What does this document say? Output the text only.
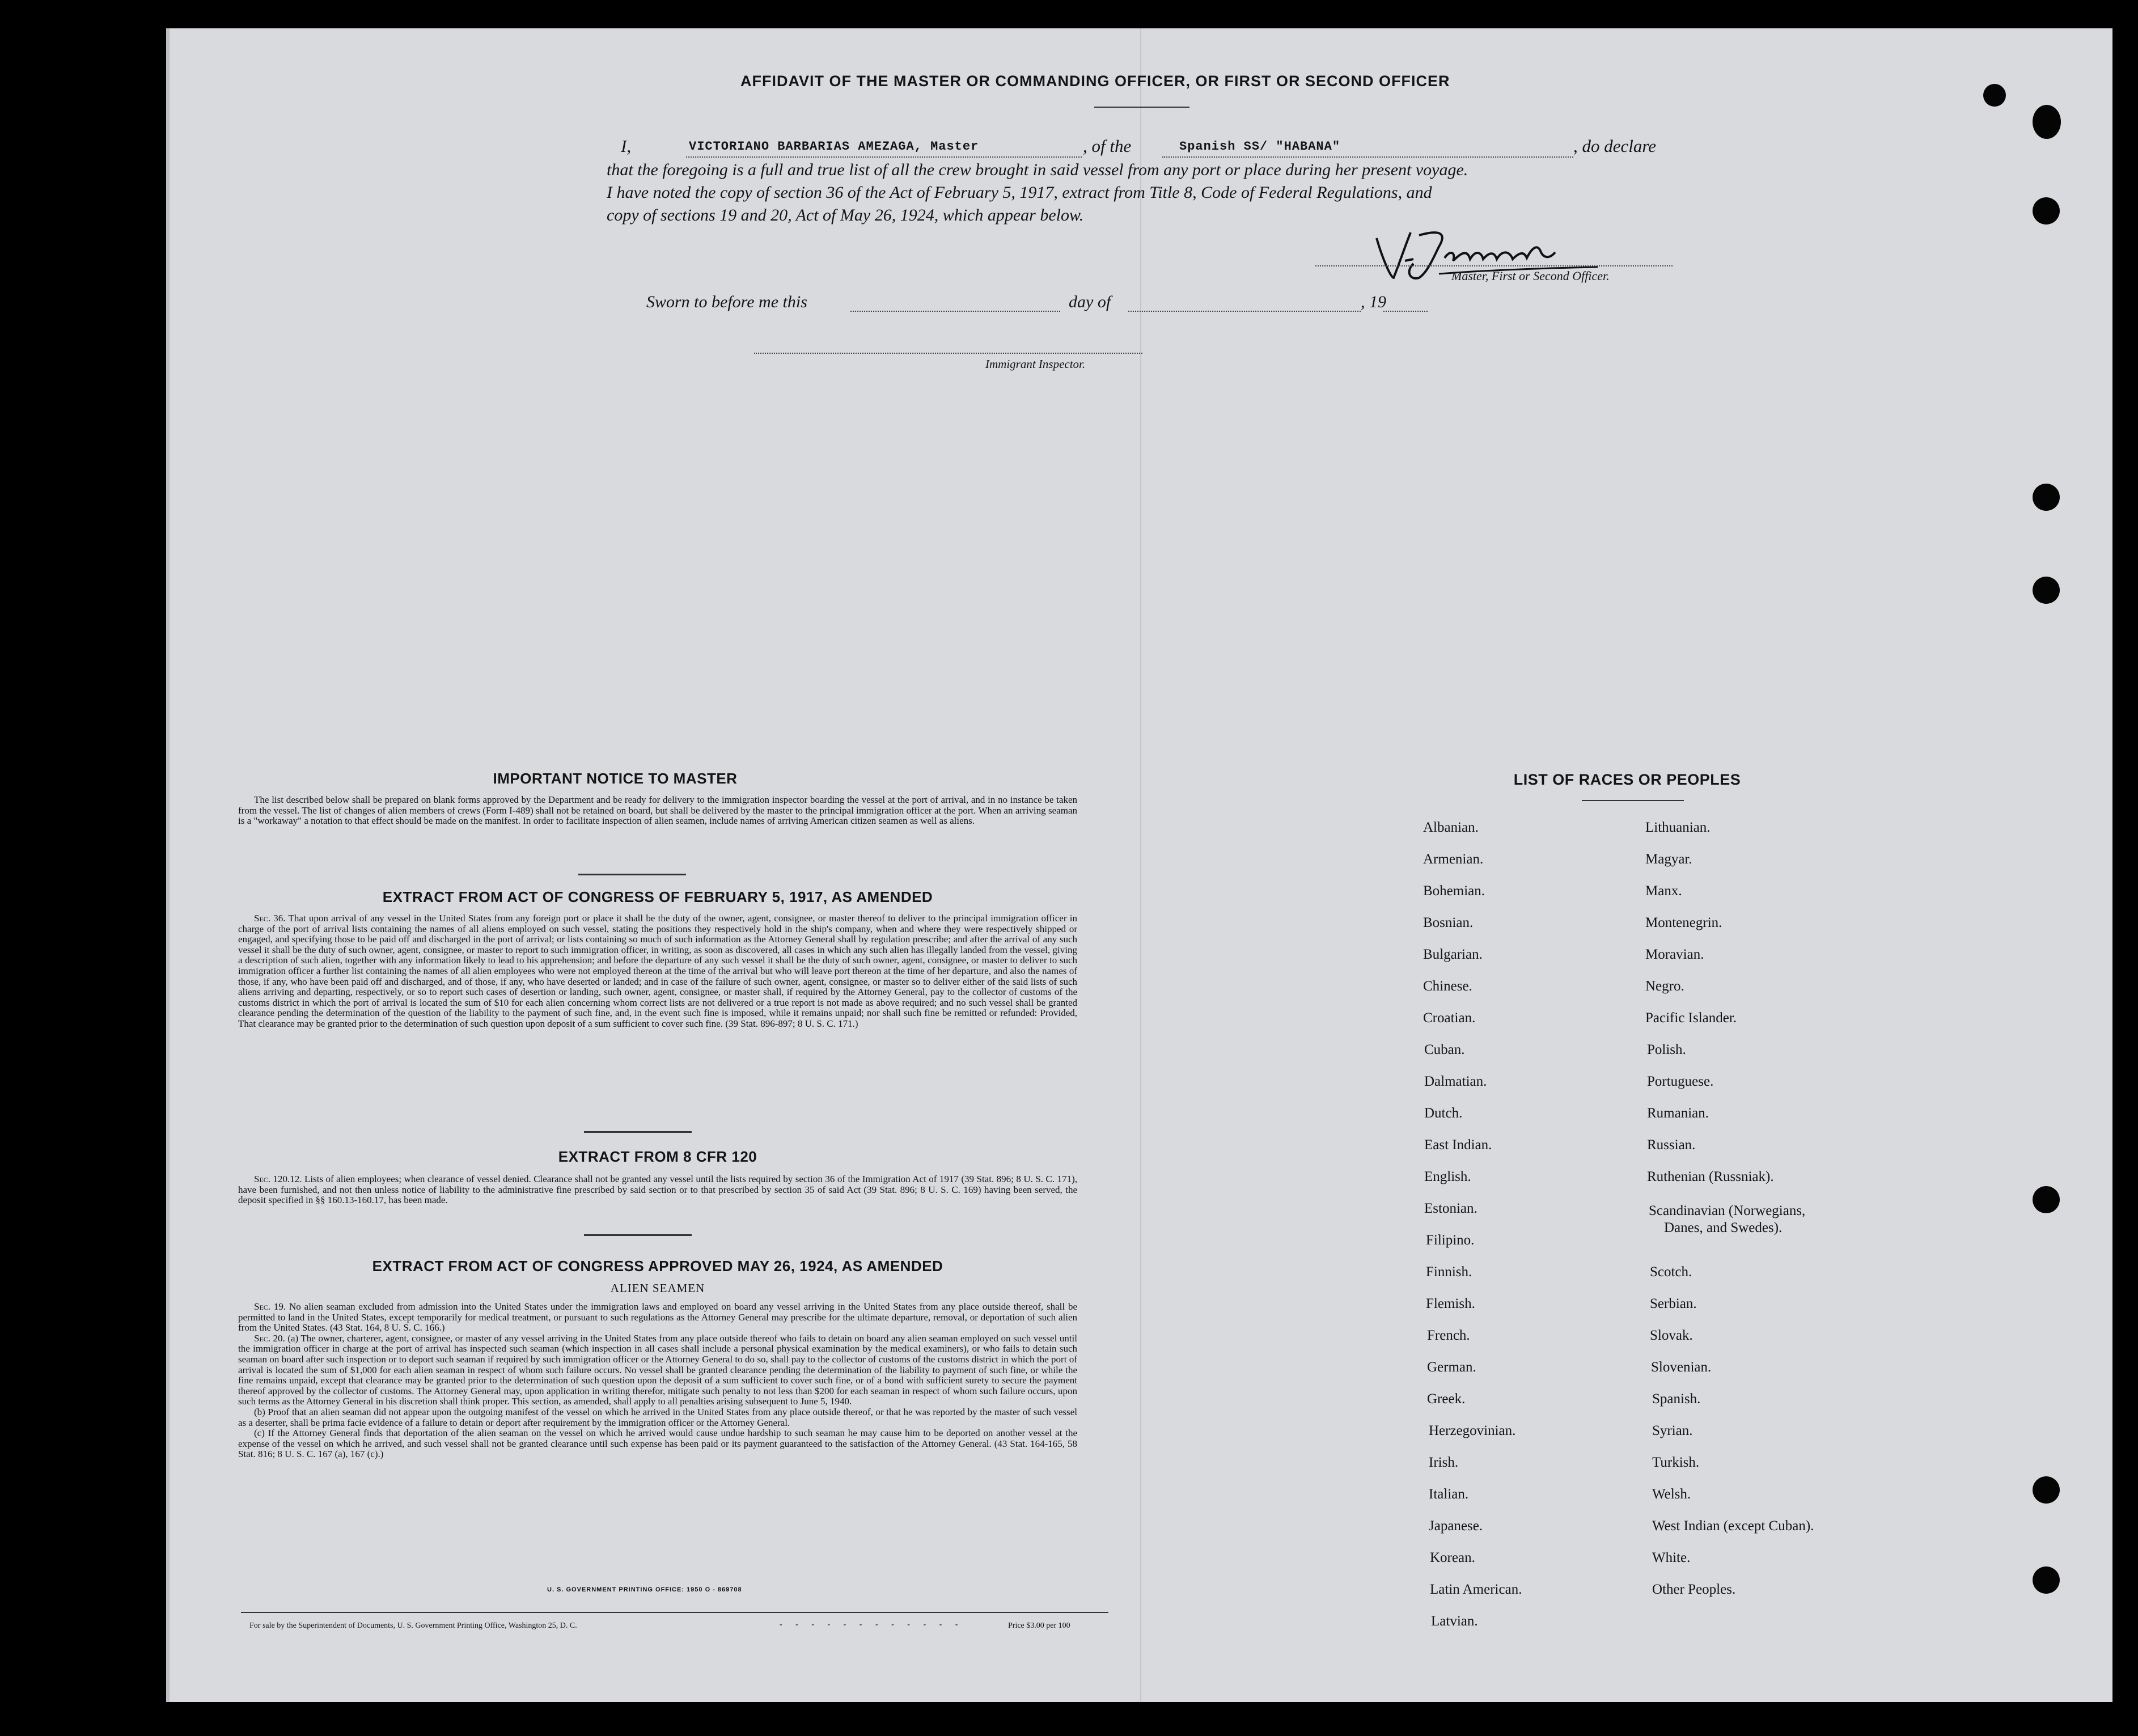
AFFIDAVIT OF THE MASTER OR COMMANDING OFFICER, OR FIRST OR SECOND OFFICER
I,	VICTORIANO BARBARIAS AMEZAGA, Master	, of the	Spanish SS/ "HABANA"	, do declare
that the foregoing is a full and true list of all the crew brought in said vessel from any port or place during her present voyage.
I have noted the copy of section 36 of the Act of February 5, 1917, extract from Title 8, Code of Federal Regulations, and
copy of sections 19 and 20, Act of May 26, 1924, which appear below.
Master, First or Second Officer.
Sworn to before me this	day of	, 19
Immigrant Inspector.
IMPORTANT NOTICE TO MASTER

The list described below shall be prepared on blank forms approved by the Department and be ready for delivery to the immigration inspector boarding the vessel at the port of arrival, and in no instance be taken from the vessel. The list of changes of alien members of crews (Form I-489) shall not be retained on board, but shall be delivered by the master to the principal immigration officer at the port. When an arriving seaman is a "workaway" a notation to that effect should be made on the manifest. In order to facilitate inspection of alien seamen, include names of arriving American citizen seamen as well as aliens.

EXTRACT FROM ACT OF CONGRESS OF FEBRUARY 5, 1917, AS AMENDED

Sec. 36. That upon arrival of any vessel in the United States from any foreign port or place it shall be the duty of the owner, agent, consignee, or master thereof to deliver to the principal immigration officer in charge of the port of arrival lists containing the names of all aliens employed on such vessel, stating the positions they respectively hold in the ship's company, when and where they were respectively shipped or engaged, and specifying those to be paid off and discharged in the port of arrival; or lists containing so much of such information as the Attorney General shall by regulation prescribe; and after the arrival of any such vessel it shall be the duty of such owner, agent, consignee, or master to report to such immigration officer, in writing, as soon as discovered, all cases in which any such alien has illegally landed from the vessel, giving a description of such alien, together with any information likely to lead to his apprehension; and before the departure of any such vessel it shall be the duty of such owner, agent, consignee, or master to deliver to such immigration officer a further list containing the names of all alien employees who were not employed thereon at the time of the arrival but who will leave port thereon at the time of her departure, and also the names of those, if any, who have been paid off and discharged, and of those, if any, who have deserted or landed; and in case of the failure of such owner, agent, consignee, or master so to deliver either of the said lists of such aliens arriving and departing, respectively, or so to report such cases of desertion or landing, such owner, agent, consignee, or master shall, if required by the Attorney General, pay to the collector of customs of the customs district in which the port of arrival is located the sum of $10 for each alien concerning whom correct lists are not delivered or a true report is not made as above required; and no such vessel shall be granted clearance pending the determination of the question of the liability to the payment of such fine, and, in the event such fine is imposed, while it remains unpaid; nor shall such fine be remitted or refunded: Provided, That clearance may be granted prior to the determination of such question upon deposit of a sum sufficient to cover such fine. (39 Stat. 896-897; 8 U. S. C. 171.)

EXTRACT FROM 8 CFR 120

Sec. 120.12. Lists of alien employees; when clearance of vessel denied. Clearance shall not be granted any vessel until the lists required by section 36 of the Immigration Act of 1917 (39 Stat. 896; 8 U. S. C. 171), have been furnished, and not then unless notice of liability to the administrative fine prescribed by said section or to that prescribed by section 35 of said Act (39 Stat. 896; 8 U. S. C. 169) having been served, the deposit specified in §§ 160.13-160.17, has been made.

EXTRACT FROM ACT OF CONGRESS APPROVED MAY 26, 1924, AS AMENDED
ALIEN SEAMEN

Sec. 19. No alien seaman excluded from admission into the United States under the immigration laws and employed on board any vessel arriving in the United States from any place outside thereof, shall be permitted to land in the United States, except temporarily for medical treatment, or pursuant to such regulations as the Attorney General may prescribe for the ultimate departure, removal, or deportation of such alien from the United States. (43 Stat. 164, 8 U. S. C. 166.)

Sec. 20. (a) The owner, charterer, agent, consignee, or master of any vessel arriving in the United States from any place outside thereof who fails to detain on board any alien seaman employed on such vessel until the immigration officer in charge at the port of arrival has inspected such seaman (which inspection in all cases shall include a personal physical examination by the medical examiners), or who fails to detain such seaman on board after such inspection or to deport such seaman if required by such immigration officer or the Attorney General to do so, shall pay to the collector of customs of the customs district in which the port of arrival is located the sum of $1,000 for each alien seaman in respect of whom such failure occurs. No vessel shall be granted clearance pending the determination of the liability to payment of such fine, or while the fine remains unpaid, except that clearance may be granted prior to the determination of such question upon the deposit of a sum sufficient to cover such fine, or of a bond with sufficient surety to secure the payment thereof approved by the collector of customs. The Attorney General may, upon application in writing therefor, mitigate such penalty to not less than $200 for each seaman in respect of whom such failure occurs, upon such terms as the Attorney General in his discretion shall think proper. This section, as amended, shall apply to all penalties arising subsequent to June 5, 1940.

(b) Proof that an alien seaman did not appear upon the outgoing manifest of the vessel on which he arrived in the United States from any place outside thereof, or that he was reported by the master of such vessel as a deserter, shall be prima facie evidence of a failure to detain or deport after requirement by the immigration officer or the Attorney General.

(c) If the Attorney General finds that deportation of the alien seaman on the vessel on which he arrived would cause undue hardship to such seaman he may cause him to be deported on another vessel at the expense of the vessel on which he arrived, and such vessel shall not be granted clearance until such expense has been paid or its payment guaranteed to the satisfaction of the Attorney General. (43 Stat. 164-165, 58 Stat. 816; 8 U. S. C. 167 (a), 167 (c).)

U. S. GOVERNMENT PRINTING OFFICE: 1950 O - 869708
For sale by the Superintendent of Documents, U. S. Government Printing Office, Washington 25, D. C.	- - - - - - - - - - - -	Price $3.00 per 100
LIST OF RACES OR PEOPLES
Albanian.
Armenian.
Bohemian.
Bosnian.
Bulgarian.
Chinese.
Croatian.
Cuban.
Dalmatian.
Dutch.
East Indian.
English.
Estonian.
Filipino.
Finnish.
Flemish.
French.
German.
Greek.
Herzegovinian.
Irish.
Italian.
Japanese.
Korean.
Latin American.
Latvian.
Lithuanian.
Magyar.
Manx.
Montenegrin.
Moravian.
Negro.
Pacific Islander.
Polish.
Portuguese.
Rumanian.
Russian.
Ruthenian (Russniak).
Scandinavian (Norwegians,
Danes, and Swedes).
Scotch.
Serbian.
Slovak.
Slovenian.
Spanish.
Syrian.
Turkish.
Welsh.
West Indian (except Cuban).
White.
Other Peoples.
